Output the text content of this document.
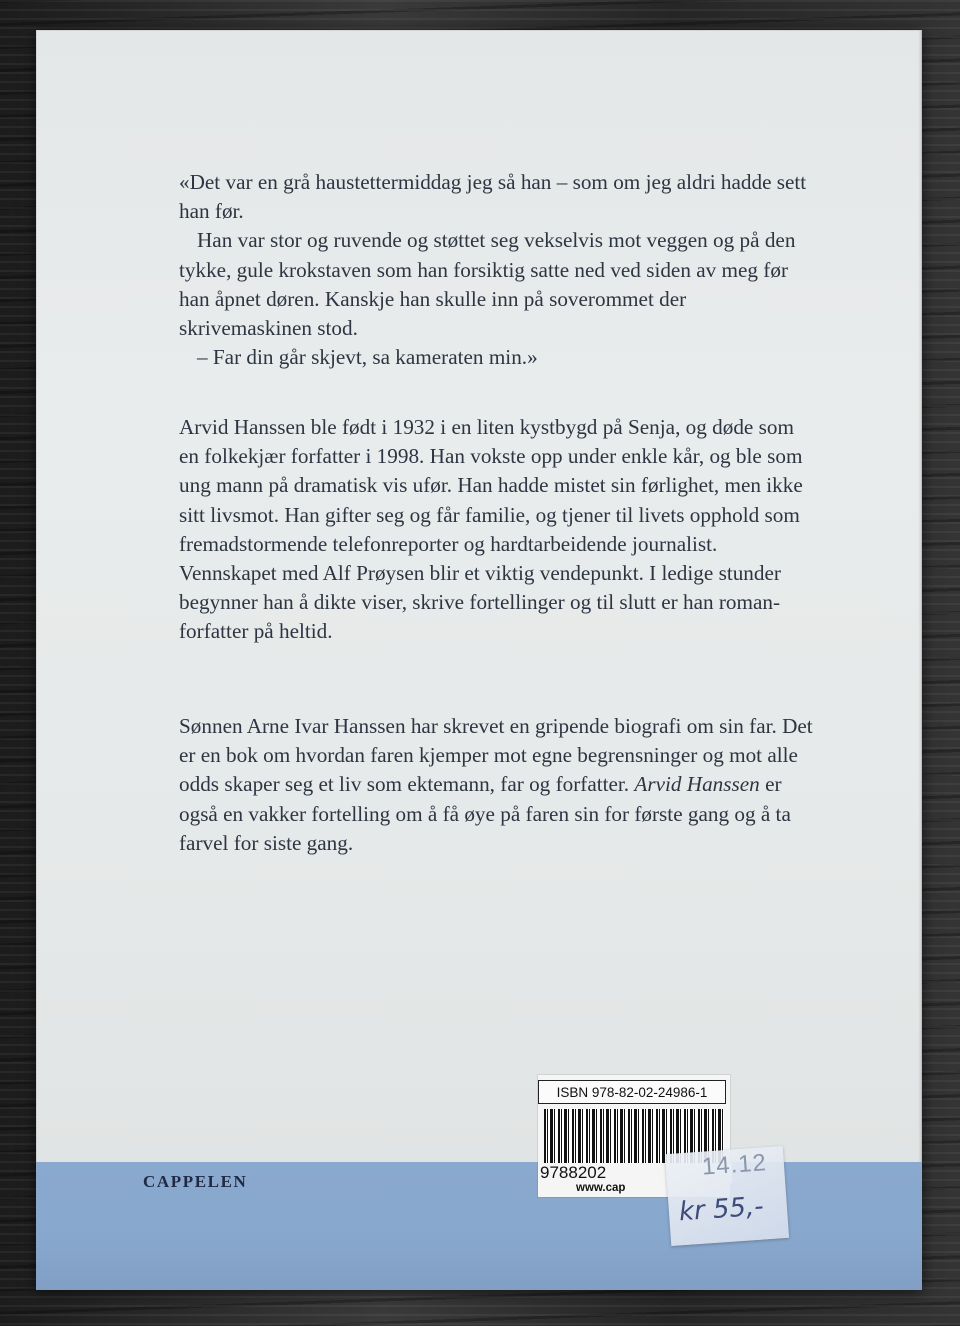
«Det var en grå haustettermiddag jeg så han – som om jeg aldri hadde sett han før.

Han var stor og ruvende og støttet seg vekselvis mot veggen og på den tykke, gule krokstaven som han forsiktig satte ned ved siden av meg før han åpnet døren. Kanskje han skulle inn på soverommet der skrivemaskinen stod.

– Far din går skjevt, sa kameraten min.»

Arvid Hanssen ble født i 1932 i en liten kystbygd på Senja, og døde som en folkekjær forfatter i 1998. Han vokste opp under enkle kår, og ble som ung mann på dramatisk vis ufør. Han hadde mistet sin førlighet, men ikke sitt livsmot. Han gifter seg og får familie, og tjener til livets opphold som fremadstormende telefonreporter og hardtarbeidende journalist. Vennskapet med Alf Prøysen blir et viktig vendepunkt. I ledige stunder begynner han å dikte viser, skrive fortellinger og til slutt er han roman-forfatter på heltid.

Sønnen Arne Ivar Hanssen har skrevet en gripende biografi om sin far. Det er en bok om hvordan faren kjemper mot egne begrensninger og mot alle odds skaper seg et liv som ektemann, far og forfatter. Arvid Hanssen er også en vakker fortelling om å få øye på faren sin for første gang og å ta farvel for siste gang.

CAPPELEN
ISBN 978-82-02-24986-1
9788202
www.cap
14.12
kr 55,-
